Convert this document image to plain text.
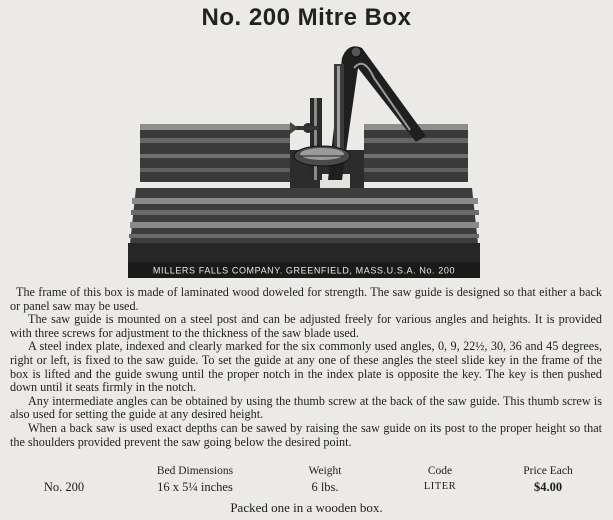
No. 200 Mitre Box
MILLERS FALLS COMPANY. GREENFIELD, MASS.U.S.A. No. 200

The frame of this box is made of laminated wood doweled for strength. The saw guide is designed so that either a back or panel saw may be used.

The saw guide is mounted on a steel post and can be adjusted freely for various angles and heights. It is provided with three screws for adjustment to the thickness of the saw blade used.

A steel index plate, indexed and clearly marked for the six commonly used angles, 0, 9, 22½, 30, 36 and 45 degrees, right or left, is fixed to the saw guide. To set the guide at any one of these angles the steel slide key in the frame of the box is lifted and the guide swung until the proper notch in the index plate is opposite the key. The key is then pushed down until it seats firmly in the notch.

Any intermediate angles can be obtained by using the thumb screw at the back of the saw guide. This thumb screw is also used for setting the guide at any desired height.

When a back saw is used exact depths can be sawed by raising the saw guide on its post to the proper height so that the shoulders provided prevent the saw going below the desired point.

No. 200
Bed Dimensions
16 x 5¼ inches
Weight
6 lbs.
Code
LITER
Price Each
$4.00
Packed one in a wooden box.
